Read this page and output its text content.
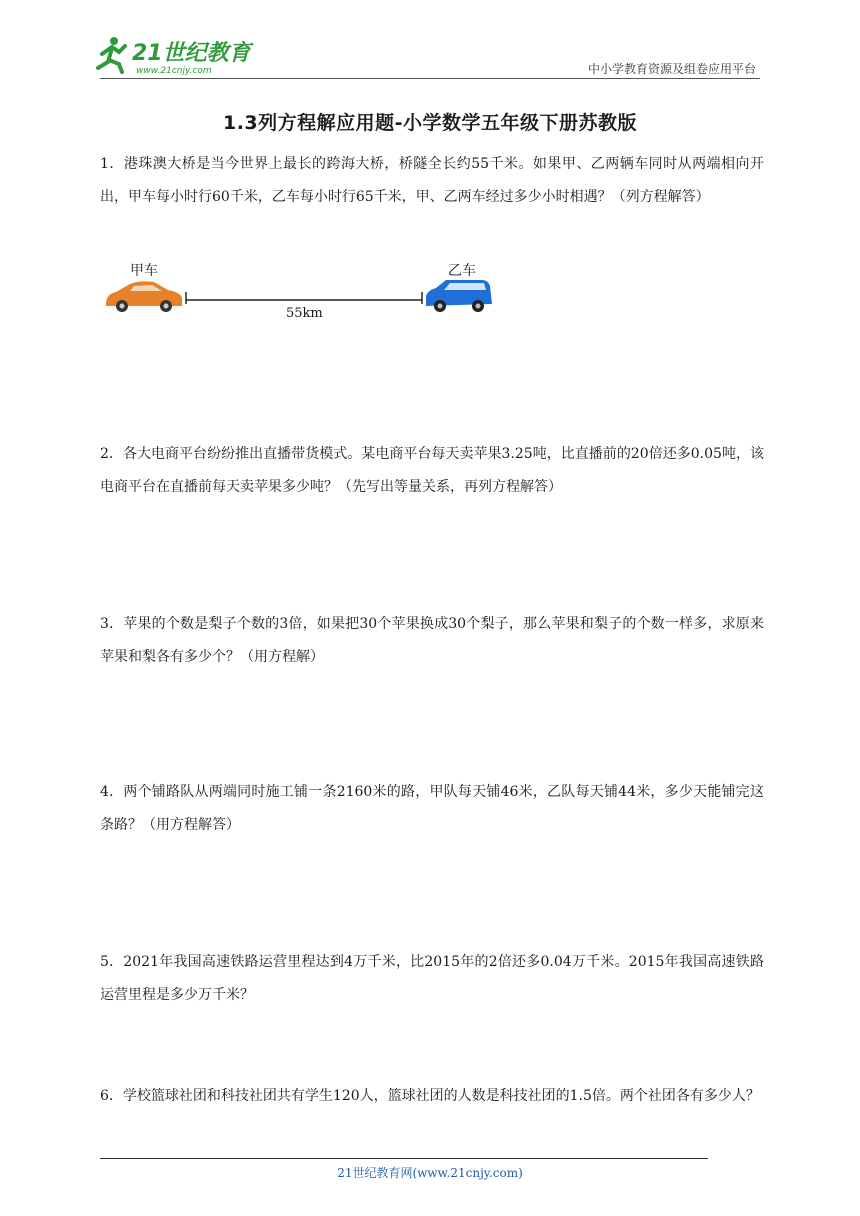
21世纪教育
www.21cnjy.com	中小学教育资源及组卷应用平台
1.3列方程解应用题-小学数学五年级下册苏教版
1．港珠澳大桥是当今世界上最长的跨海大桥，桥隧全长约55千米。如果甲、乙两辆车同时从两端相向开出，甲车每小时行60千米，乙车每小时行65千米，甲、乙两车经过多少小时相遇？（列方程解答）
甲车	乙车
55km
2．各大电商平台纷纷推出直播带货模式。某电商平台每天卖苹果3.25吨，比直播前的20倍还多0.05吨，该电商平台在直播前每天卖苹果多少吨？（先写出等量关系，再列方程解答）
3．苹果的个数是梨子个数的3倍，如果把30个苹果换成30个梨子，那么苹果和梨子的个数一样多，求原来苹果和梨各有多少个？（用方程解）
4．两个铺路队从两端同时施工铺一条2160米的路，甲队每天铺46米，乙队每天铺44米，多少天能铺完这条路？（用方程解答）
5．2021年我国高速铁路运营里程达到4万千米，比2015年的2倍还多0.04万千米。2015年我国高速铁路运营里程是多少万千米？
6．学校篮球社团和科技社团共有学生120人，篮球社团的人数是科技社团的1.5倍。两个社团各有多少人？
21世纪教育网(www.21cnjy.com)
